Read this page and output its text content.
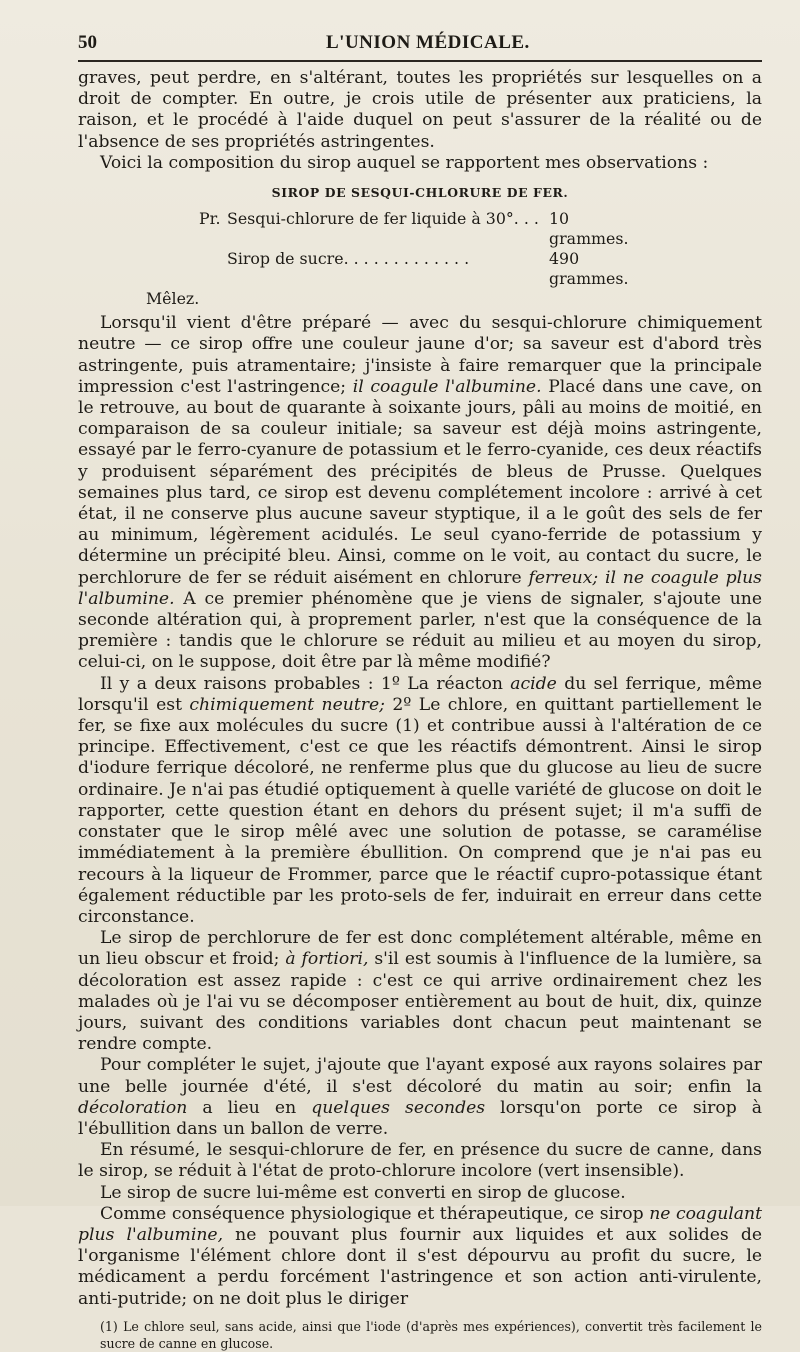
50	L'UNION MÉDICALE.

graves, peut perdre, en s'altérant, toutes les propriétés sur lesquelles on a droit de compter. En outre, je crois utile de présenter aux praticiens, la raison, et le procédé à l'aide duquel on peut s'assurer de la réalité ou de l'absence de ses propriétés astringentes.

Voici la composition du sirop auquel se rapportent mes observations :

SIROP DE SESQUI-CHLORURE DE FER.
Pr. Sesqui-chlorure de fer liquide à 30°. . . 10 grammes.
Sirop de sucre. . . . . . . . . . . . .	490 grammes.
Mêlez.

Lorsqu'il vient d'être préparé — avec du sesqui-chlorure chimiquement neutre — ce sirop offre une couleur jaune d'or; sa saveur est d'abord très astringente, puis atramentaire; j'insiste à faire remarquer que la principale impression c'est l'astringence; il coagule l'albumine. Placé dans une cave, on le retrouve, au bout de quarante à soixante jours, pâli au moins de moitié, en comparaison de sa couleur initiale; sa saveur est déjà moins astringente, essayé par le ferro-cyanure de potassium et le ferro-cyanide, ces deux réactifs y produisent séparément des précipités de bleus de Prusse. Quelques semaines plus tard, ce sirop est devenu complétement incolore : arrivé à cet état, il ne conserve plus aucune saveur styptique, il a le goût des sels de fer au minimum, légèrement acidulés. Le seul cyano-ferride de potassium y détermine un précipité bleu. Ainsi, comme on le voit, au contact du sucre, le perchlorure de fer se réduit aisément en chlorure ferreux; il ne coagule plus l'albumine. A ce premier phénomène que je viens de signaler, s'ajoute une seconde altération qui, à proprement parler, n'est que la conséquence de la première : tandis que le chlorure se réduit au milieu et au moyen du sirop, celui-ci, on le suppose, doit être par là même modifié?

Il y a deux raisons probables : 1º La réacton acide du sel ferrique, même lorsqu'il est chimiquement neutre; 2º Le chlore, en quittant partiellement le fer, se fixe aux molécules du sucre (1) et contribue aussi à l'altération de ce principe. Effectivement, c'est ce que les réactifs démontrent. Ainsi le sirop d'iodure ferrique décoloré, ne renferme plus que du glucose au lieu de sucre ordinaire. Je n'ai pas étudié optiquement à quelle variété de glucose on doit le rapporter, cette question étant en dehors du présent sujet; il m'a suffi de constater que le sirop mêlé avec une solution de potasse, se caramélise immédiatement à la première ébullition. On comprend que je n'ai pas eu recours à la liqueur de Frommer, parce que le réactif cupro-potassique étant également réductible par les proto-sels de fer, induirait en erreur dans cette circonstance.

Le sirop de perchlorure de fer est donc complétement altérable, même en un lieu obscur et froid; à fortiori, s'il est soumis à l'influence de la lumière, sa décoloration est assez rapide : c'est ce qui arrive ordinairement chez les malades où je l'ai vu se décomposer entièrement au bout de huit, dix, quinze jours, suivant des conditions variables dont chacun peut maintenant se rendre compte.

Pour compléter le sujet, j'ajoute que l'ayant exposé aux rayons solaires par une belle journée d'été, il s'est décoloré du matin au soir; enfin la décoloration a lieu en quelques secondes lorsqu'on porte ce sirop à l'ébullition dans un ballon de verre.

En résumé, le sesqui-chlorure de fer, en présence du sucre de canne, dans le sirop, se réduit à l'état de proto-chlorure incolore (vert insensible).

Le sirop de sucre lui-même est converti en sirop de glucose.

Comme conséquence physiologique et thérapeutique, ce sirop ne coagulant plus l'albumine, ne pouvant plus fournir aux liquides et aux solides de l'organisme l'élément chlore dont il s'est dépourvu au profit du sucre, le médicament a perdu forcément l'astringence et son action anti-virulente, anti-putride; on ne doit plus le diriger

(1) Le chlore seul, sans acide, ainsi que l'iode (d'après mes expériences), convertit très facilement le sucre de canne en glucose.
